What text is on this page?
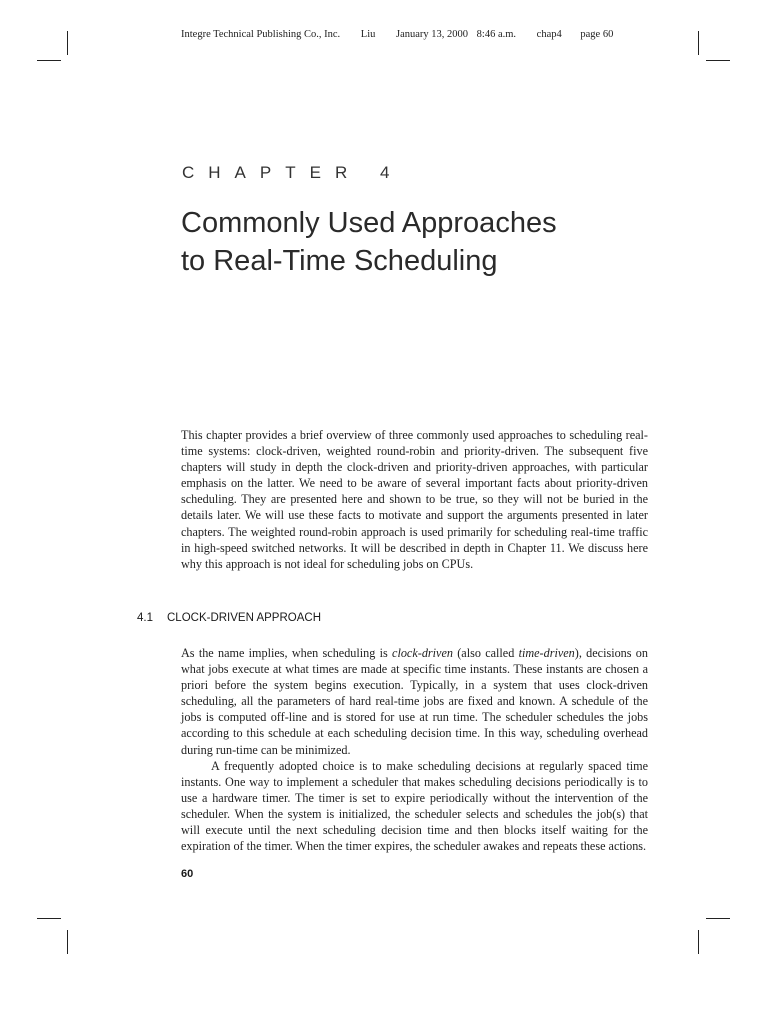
Integre Technical Publishing Co., Inc. Liu January 13, 2000 8:46 a.m. chap4 page 60
CHAPTER 4
Commonly Used Approaches
to Real-Time Scheduling

This chapter provides a brief overview of three commonly used approaches to scheduling real-time systems: clock-driven, weighted round-robin and priority-driven. The subsequent five chapters will study in depth the clock-driven and priority-driven approaches, with particular emphasis on the latter. We need to be aware of several important facts about priority-driven scheduling. They are presented here and shown to be true, so they will not be buried in the details later. We will use these facts to motivate and support the arguments presented in later chapters. The weighted round-robin approach is used primarily for scheduling real-time traffic in high-speed switched networks. It will be described in depth in Chapter 11. We discuss here why this approach is not ideal for scheduling jobs on CPUs.

4.1 CLOCK-DRIVEN APPROACH

As the name implies, when scheduling is clock-driven (also called time-driven), decisions on what jobs execute at what times are made at specific time instants. These instants are chosen a priori before the system begins execution. Typically, in a system that uses clock-driven scheduling, all the parameters of hard real-time jobs are fixed and known. A schedule of the jobs is computed off-line and is stored for use at run time. The scheduler schedules the jobs according to this schedule at each scheduling decision time. In this way, scheduling overhead during run-time can be minimized.

A frequently adopted choice is to make scheduling decisions at regularly spaced time instants. One way to implement a scheduler that makes scheduling decisions periodically is to use a hardware timer. The timer is set to expire periodically without the intervention of the scheduler. When the system is initialized, the scheduler selects and schedules the job(s) that will execute until the next scheduling decision time and then blocks itself waiting for the expiration of the timer. When the timer expires, the scheduler awakes and repeats these actions.

60
